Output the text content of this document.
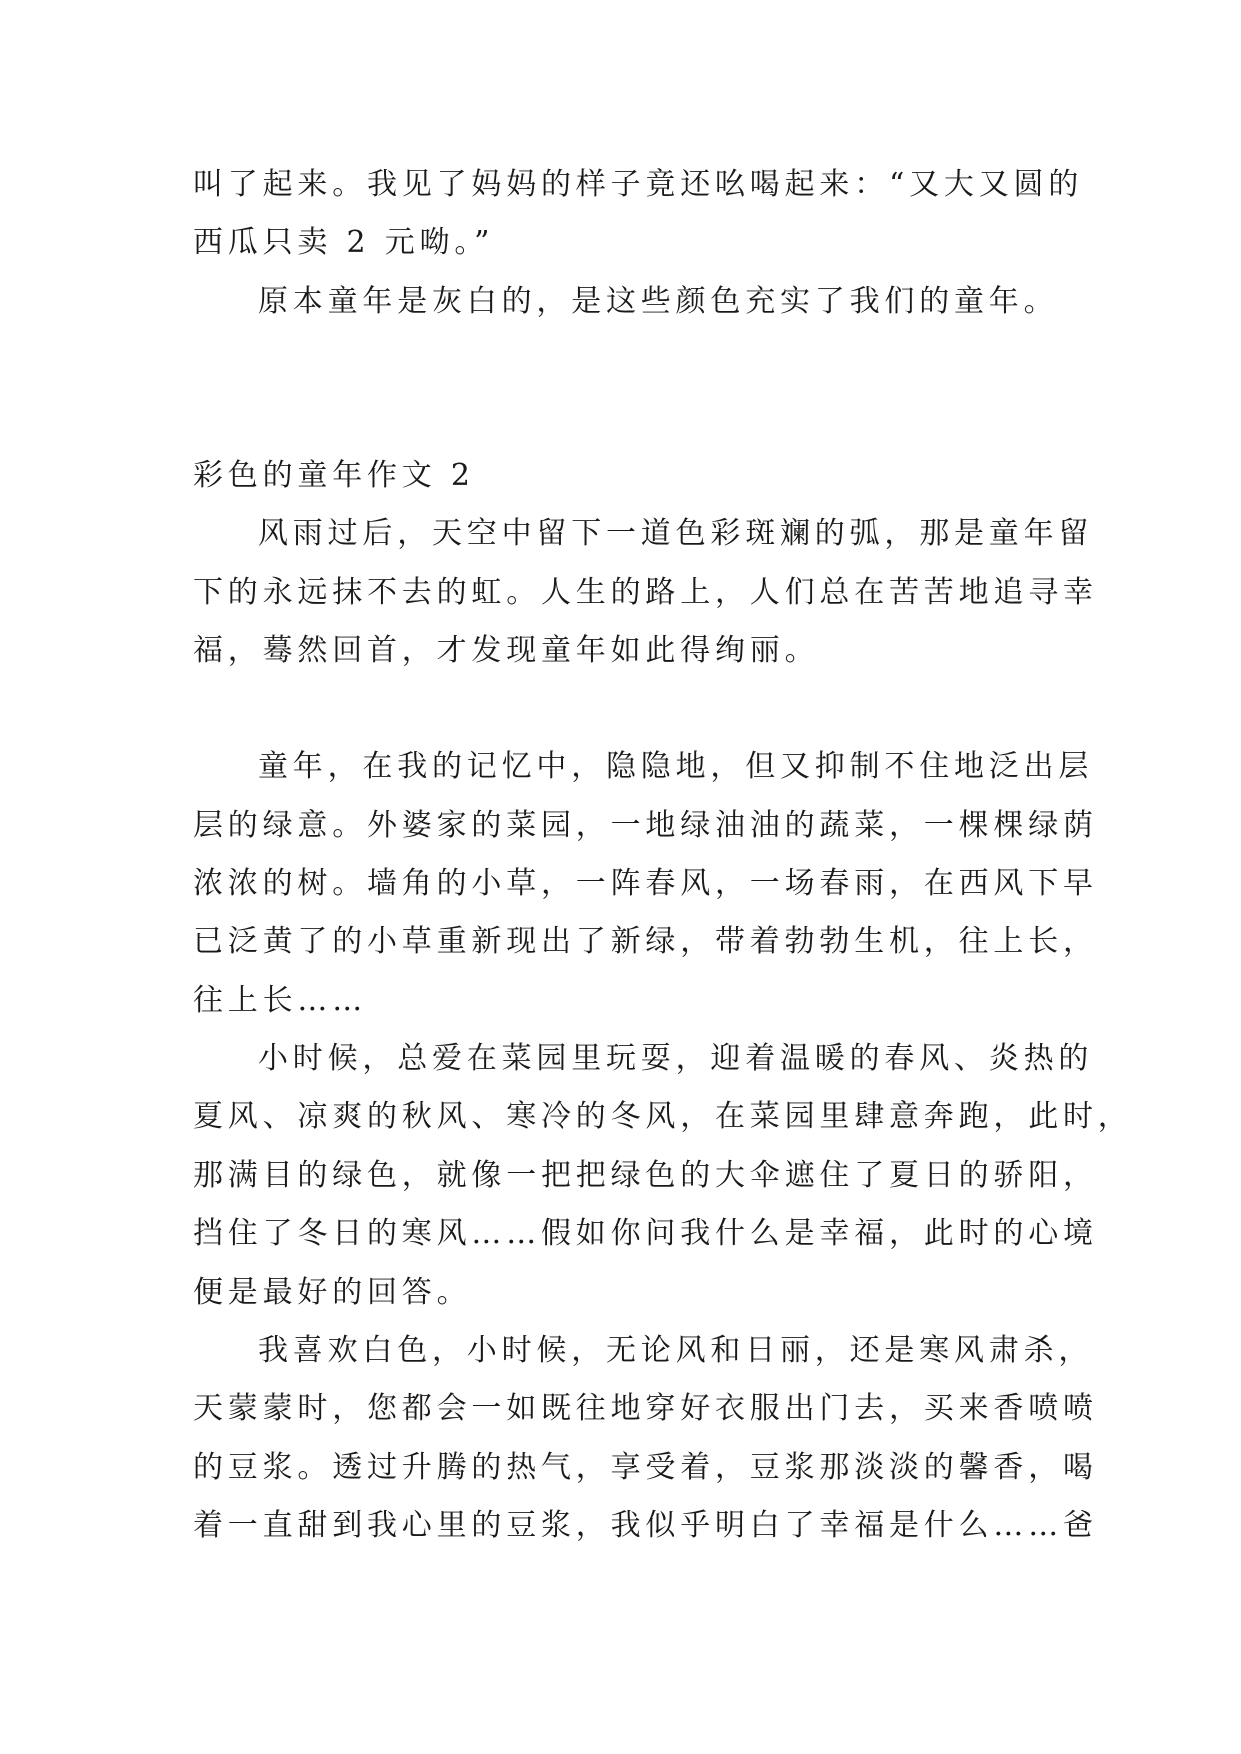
叫了起来。我见了妈妈的样子竟还吆喝起来：“又大又圆的
西瓜只卖 2 元呦。”
原本童年是灰白的，是这些颜色充实了我们的童年。
彩色的童年作文 2
风雨过后，天空中留下一道色彩斑斓的弧，那是童年留
下的永远抹不去的虹。人生的路上，人们总在苦苦地追寻幸
福，蓦然回首，才发现童年如此得绚丽。
童年，在我的记忆中，隐隐地，但又抑制不住地泛出层
层的绿意。外婆家的菜园，一地绿油油的蔬菜，一棵棵绿荫
浓浓的树。墙角的小草，一阵春风，一场春雨，在西风下早
已泛黄了的小草重新现出了新绿，带着勃勃生机，往上长，
往上长……
小时候，总爱在菜园里玩耍，迎着温暖的春风、炎热的
夏风、凉爽的秋风、寒冷的冬风，在菜园里肆意奔跑，此时，
那满目的绿色，就像一把把绿色的大伞遮住了夏日的骄阳，
挡住了冬日的寒风……假如你问我什么是幸福，此时的心境
便是最好的回答。
我喜欢白色，小时候，无论风和日丽，还是寒风肃杀，
天蒙蒙时，您都会一如既往地穿好衣服出门去，买来香喷喷
的豆浆。透过升腾的热气，享受着，豆浆那淡淡的馨香，喝
着一直甜到我心里的豆浆，我似乎明白了幸福是什么……爸
